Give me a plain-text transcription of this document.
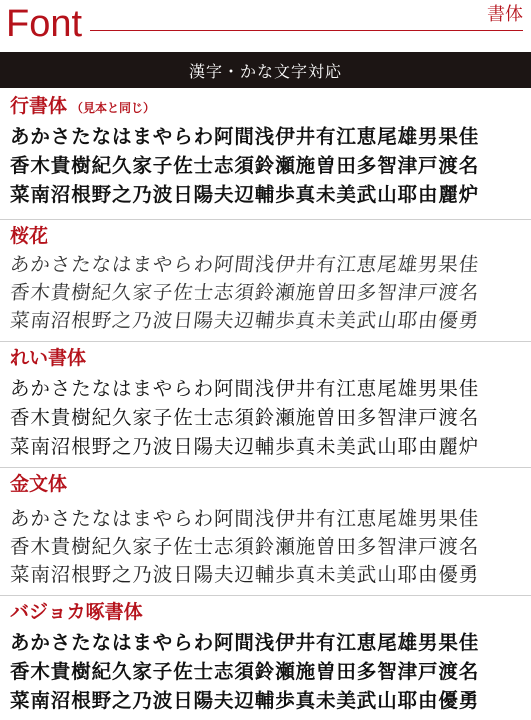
Font	書体
漢字・かな文字対応
行書体 （見本と同じ）
あかさたなはまやらわ阿間浅伊井有江恵尾雄男果佳
香木貴樹紀久家子佐士志須鈴瀬施曽田多智津戸渡名
菜南沼根野之乃波日陽夫辺輔歩真未美武山耶由麗炉
桜花
あかさたなはまやらわ阿間浅伊井有江恵尾雄男果佳
香木貴樹紀久家子佐士志須鈴瀬施曽田多智津戸渡名
菜南沼根野之乃波日陽夫辺輔歩真未美武山耶由優勇
れい書体
あかさたなはまやらわ阿間浅伊井有江恵尾雄男果佳
香木貴樹紀久家子佐士志須鈴瀬施曽田多智津戸渡名
菜南沼根野之乃波日陽夫辺輔歩真未美武山耶由麗炉
金文体
あかさたなはまやらわ阿間浅伊井有江恵尾雄男果佳
香木貴樹紀久家子佐士志須鈴瀬施曽田多智津戸渡名
菜南沼根野之乃波日陽夫辺輔歩真未美武山耶由優勇
バジョカ啄書体
あかさたなはまやらわ阿間浅伊井有江恵尾雄男果佳
香木貴樹紀久家子佐士志須鈴瀬施曽田多智津戸渡名
菜南沼根野之乃波日陽夫辺輔歩真未美武山耶由優勇
